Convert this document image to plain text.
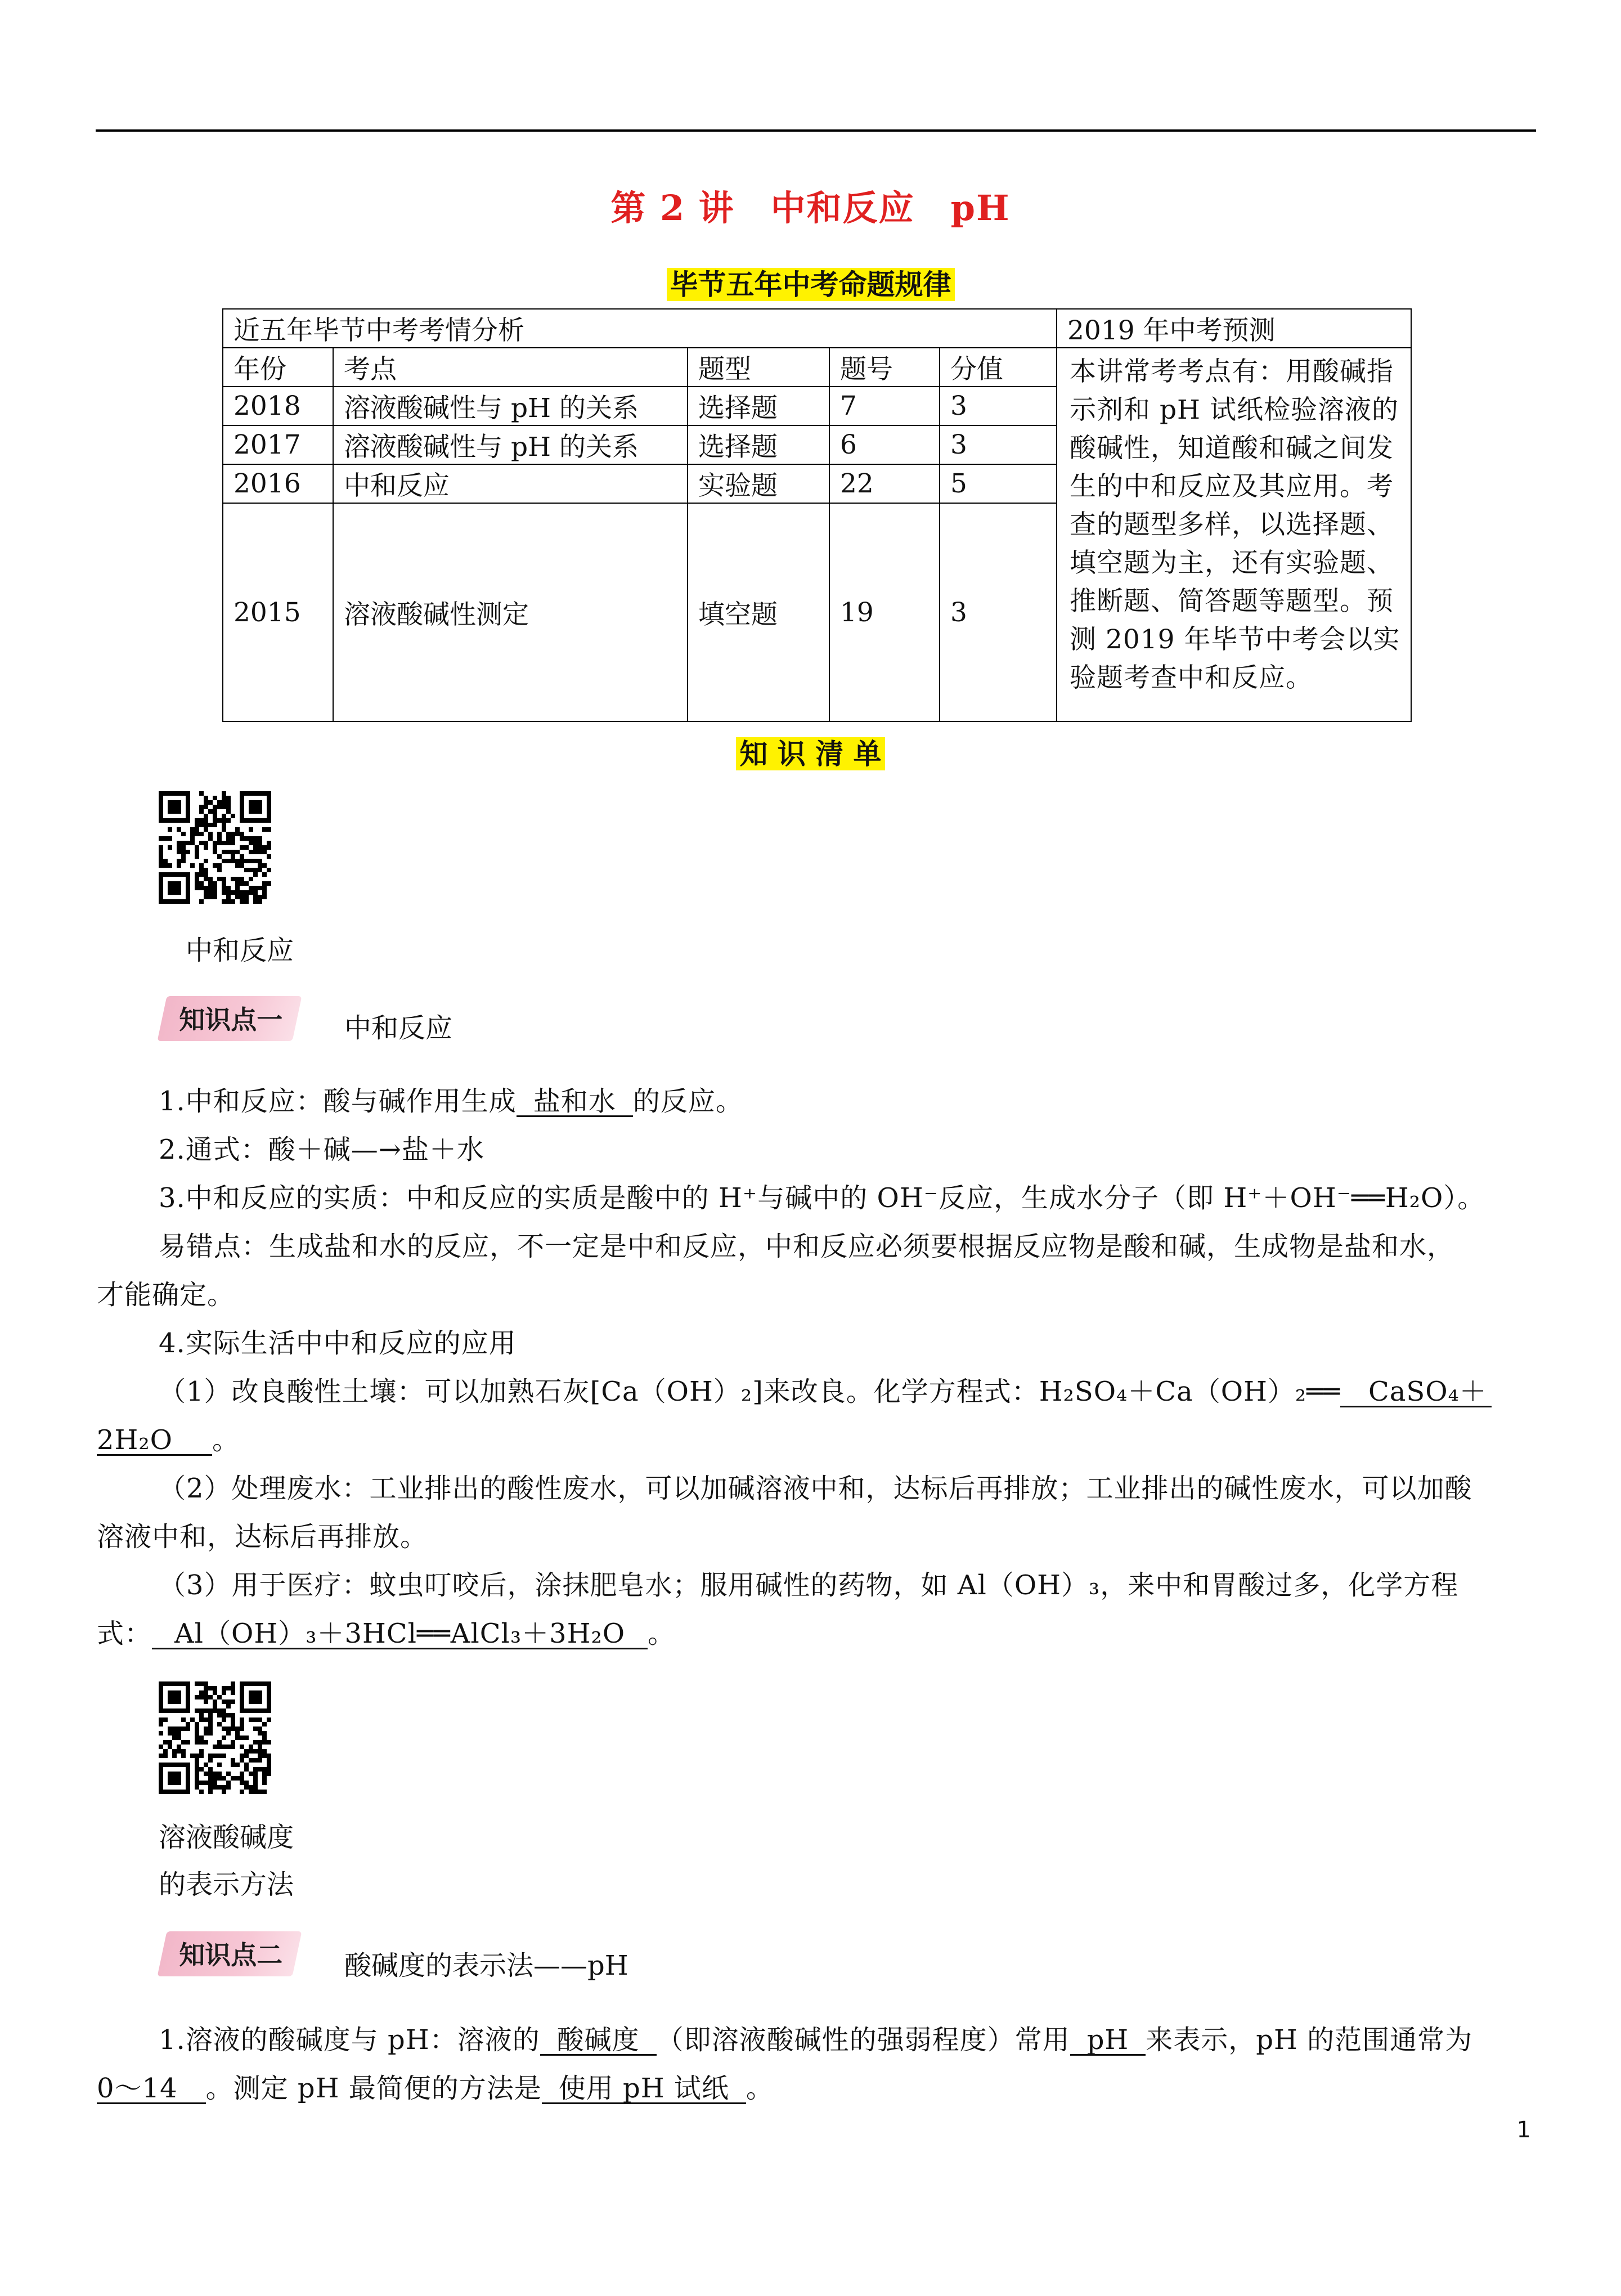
第 2 讲　中和反应　pH
毕节五年中考命题规律
近五年毕节中考考情分析					2019 年中考预测
年份	考点	题型	题号	分值	本讲常考考点有：用酸碱指示剂和 pH 试纸检验溶液的酸碱性，知道酸和碱之间发生的中和反应及其应用。考查的题型多样，以选择题、填空题为主，还有实验题、推断题、简答题等题型。预测 2019 年毕节中考会以实验题考查中和反应。
2018	溶液酸碱性与 pH 的关系	选择题	7	3	
2017	溶液酸碱性与 pH 的关系	选择题	6	3	
2016	中和反应	实验题	22	5	
2015	溶液酸碱性测定	填空题	19	3	
知 识 清 单
中和反应
知识点一	中和反应
1.中和反应：酸与碱作用生成 盐和水 的反应。
2.通式：酸＋碱—→盐＋水
3.中和反应的实质：中和反应的实质是酸中的 H⁺与碱中的 OH⁻反应，生成水分子（即 H⁺＋OH⁻══H₂O）。
易错点：生成盐和水的反应，不一定是中和反应，中和反应必须要根据反应物是酸和碱，生成物是盐和水，
才能确定。
4.实际生活中中和反应的应用
（1）改良酸性土壤：可以加熟石灰[Ca（OH）₂]来改良。化学方程式：H₂SO₄＋Ca（OH）₂══ CaSO₄＋
2H₂O 。
（2）处理废水：工业排出的酸性废水，可以加碱溶液中和，达标后再排放；工业排出的碱性废水，可以加酸
溶液中和，达标后再排放。
（3）用于医疗：蚊虫叮咬后，涂抹肥皂水；服用碱性的药物，如 Al（OH）₃，来中和胃酸过多，化学方程
式： Al（OH）₃＋3HCl══AlCl₃＋3H₂O 。
溶液酸碱度
的表示方法
知识点二	酸碱度的表示法——pH
1.溶液的酸碱度与 pH：溶液的 酸碱度 （即溶液酸碱性的强弱程度）常用 pH 来表示，pH 的范围通常为
0～14 。测定 pH 最简便的方法是 使用 pH 试纸 。
1
